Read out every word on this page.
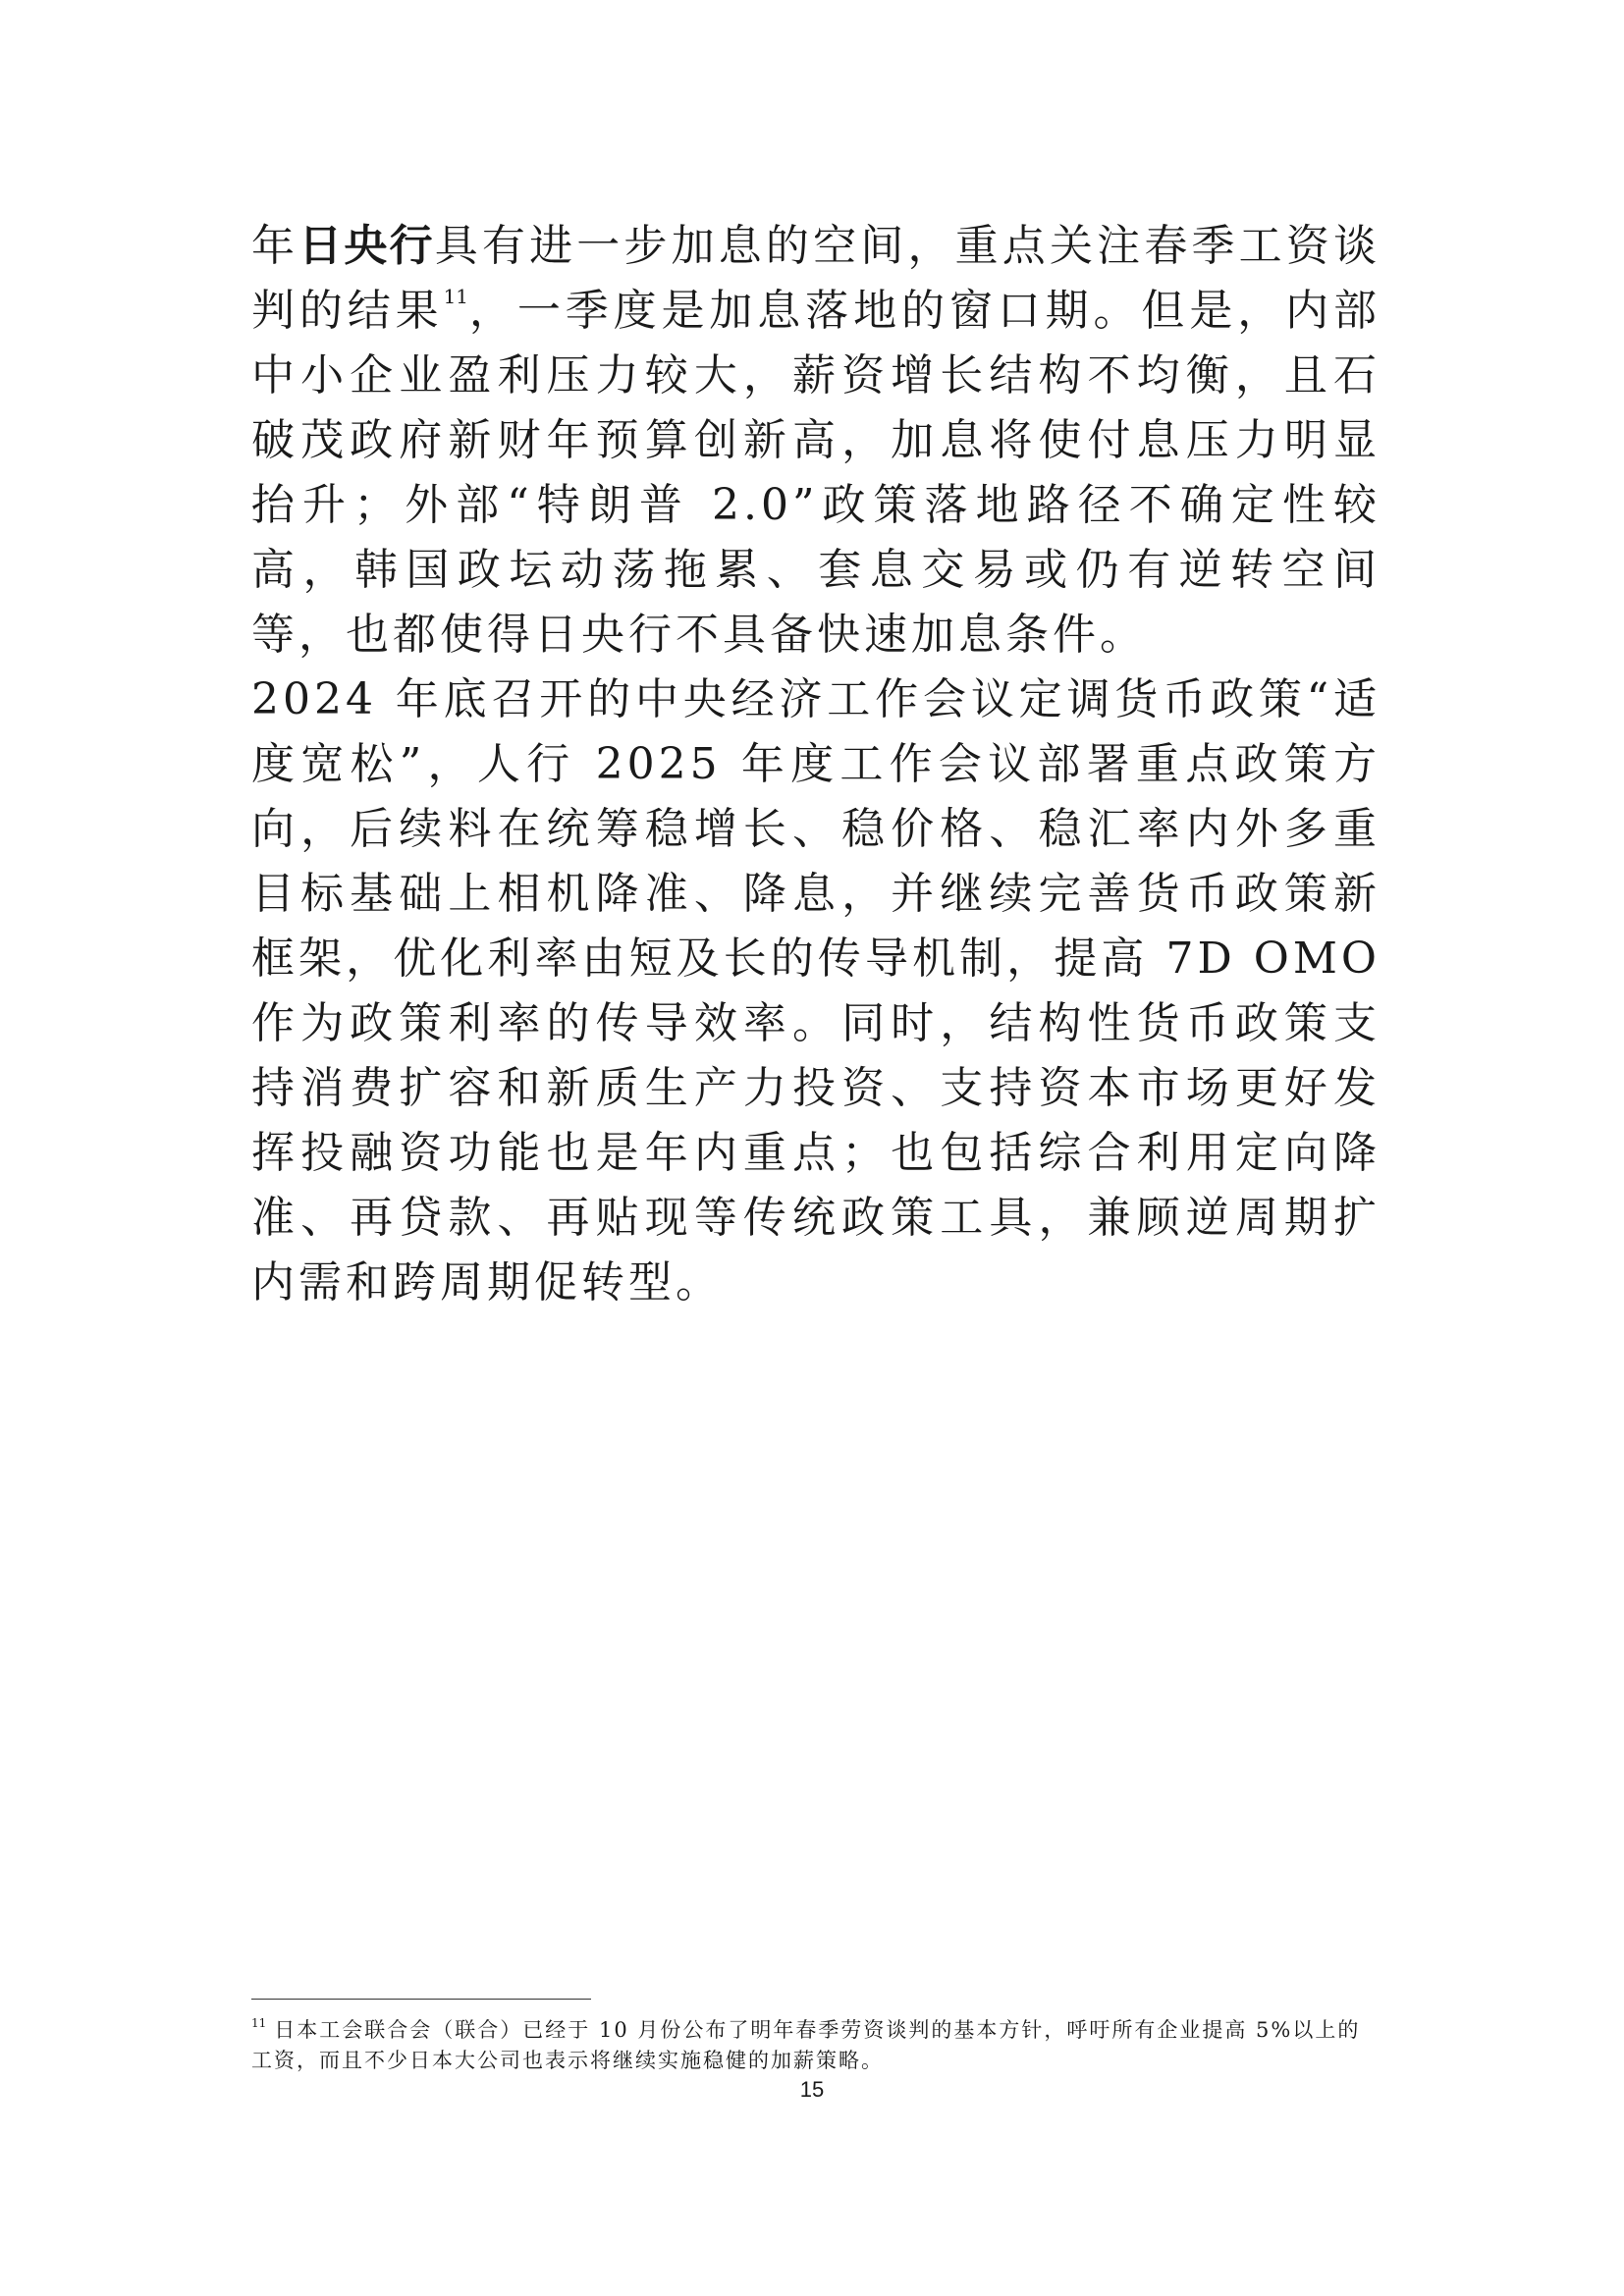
年日央行具有进一步加息的空间，重点关注春季工资谈判的结果$^{11}$，一季度是加息落地的窗口期。但是，内部中小企业盈利压力较大，薪资增长结构不均衡，且石破茂政府新财年预算创新高，加息将使付息压力明显抬升；外部“特朗普 2.0”政策落地路径不确定性较高，韩国政坛动荡拖累、套息交易或仍有逆转空间等，也都使得日央行不具备快速加息条件。
2024 年底召开的中央经济工作会议定调货币政策“适度宽松”，人行 2025 年度工作会议部署重点政策方向，后续料在统筹稳增长、稳价格、稳汇率内外多重目标基础上相机降准、降息，并继续完善货币政策新框架，优化利率由短及长的传导机制，提高 7D OMO 作为政策利率的传导效率。同时，结构性货币政策支持消费扩容和新质生产力投资、支持资本市场更好发挥投融资功能也是年内重点；也包括综合利用定向降准、再贷款、再贴现等传统政策工具，兼顾逆周期扩内需和跨周期促转型。

$^{11}$ 日本工会联合会（联合）已经于 10 月份公布了明年春季劳资谈判的基本方针，呼吁所有企业提高 5%以上的工资，而且不少日本大公司也表示将继续实施稳健的加薪策略。

15
